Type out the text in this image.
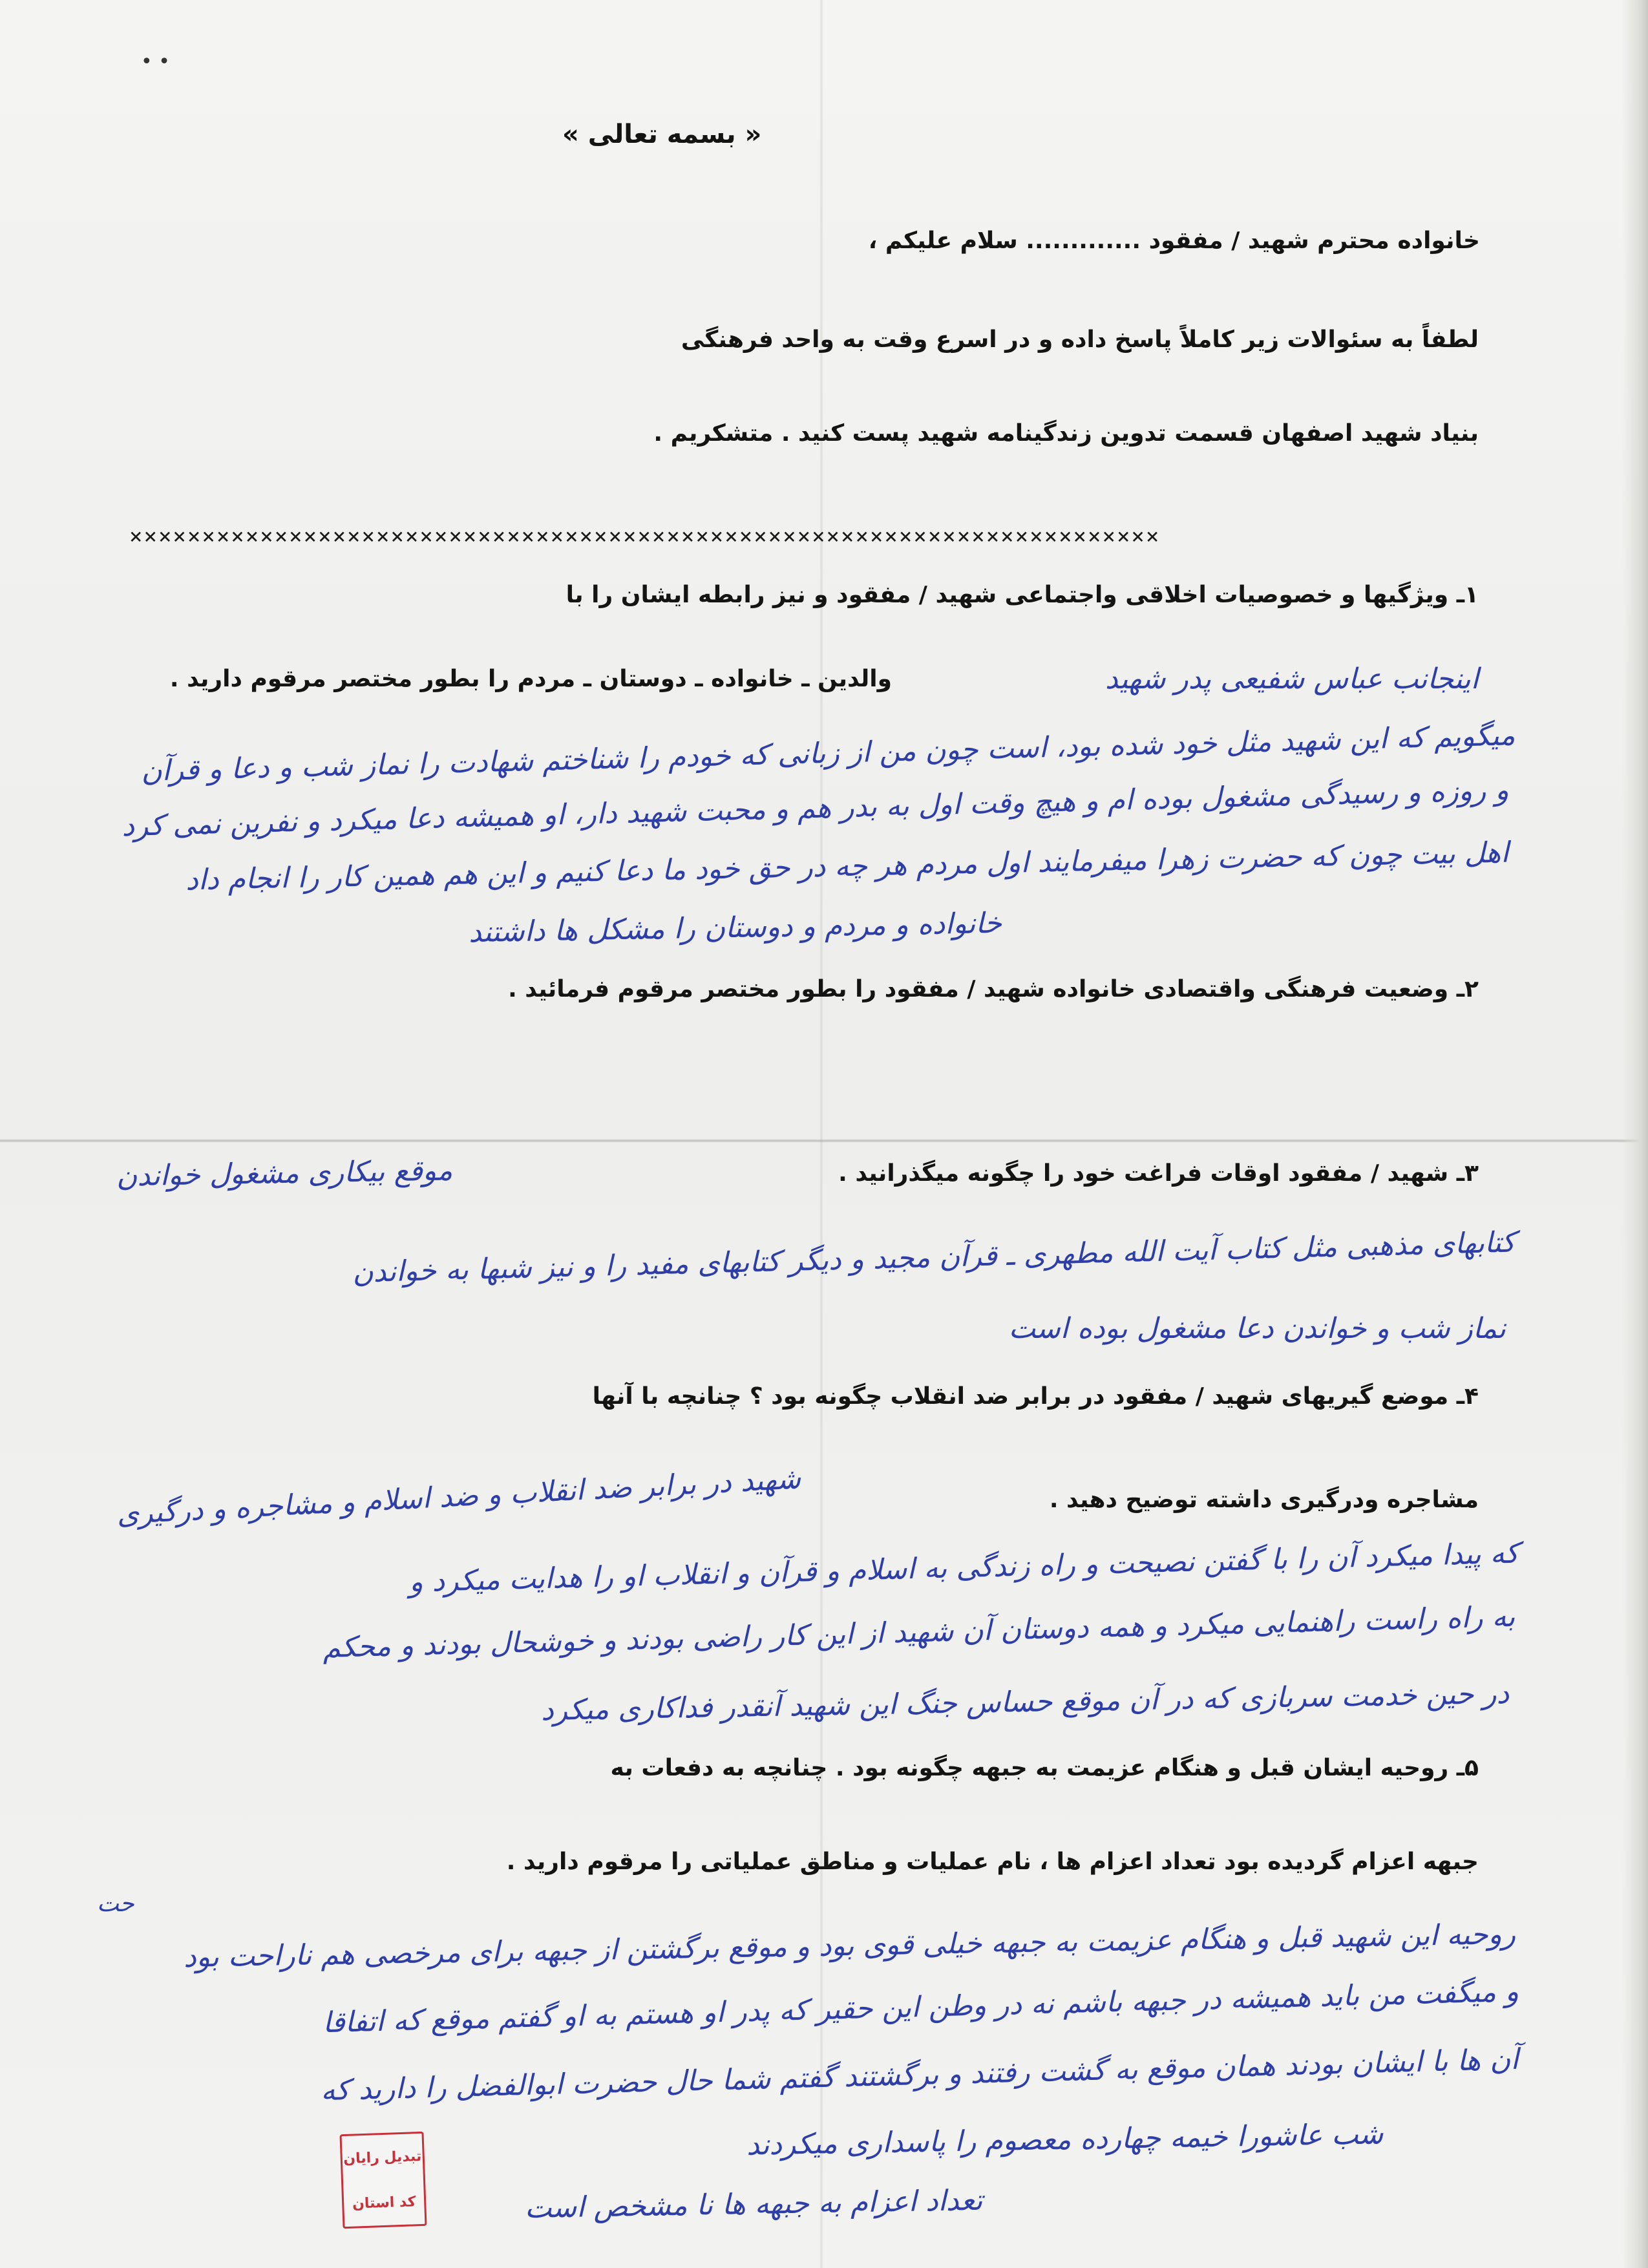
• •
« بسمه تعالی »
خانواده محترم شهید / مفقود ............. سلام علیکم ،
لطفاً به سئوالات زیر کاملاً پاسخ داده و در اسرع وقت به واحد فرهنگی
بنیاد شهید اصفهان قسمت تدوین زندگینامه شهید پست کنید . متشکریم .
×××××××××××××××××××××××××××××××××××××××××××××××××××××××××××××××××××××××
۱ـ ویژگیها و خصوصیات اخلاقی واجتماعی شهید / مفقود و نیز رابطه ایشان را با
والدین ـ خانواده ـ دوستان ـ مردم را بطور مختصر مرقوم دارید .	اینجانب عباس شفیعی پدر شهید
میگویم که این شهید مثل خود شده بود، است چون من از زبانی که خودم را شناختم شهادت را نماز شب و دعا و قرآن
و روزه و رسیدگی مشغول بوده ام و هیچ وقت اول به بدر هم و محبت شهید دار، او همیشه دعا میکرد و نفرین نمی کرد
اهل بیت چون که حضرت زهرا میفرمایند اول مردم هر چه در حق خود ما دعا کنیم و این هم همین کار را انجام داد
خانواده و مردم و دوستان را مشکل ها داشتند
۲ـ وضعیت فرهنگی واقتصادی خانواده شهید / مفقود را بطور مختصر مرقوم فرمائید .
۳ـ شهید / مفقود اوقات فراغت خود را چگونه میگذرانید .
موقع بیکاری مشغول خواندن
کتابهای مذهبی مثل کتاب آیت الله مطهری ـ قرآن مجید و دیگر کتابهای مفید را و نیز شبها به خواندن
نماز شب و خواندن دعا مشغول بوده است
۴ـ موضع گیریهای شهید / مفقود در برابر ضد انقلاب چگونه بود ؟ چنانچه با آنها
مشاجره ودرگیری داشته توضیح دهید .
شهید در برابر ضد انقلاب و ضد اسلام و مشاجره و درگیری
که پیدا میکرد آن را با گفتن نصیحت و راه زندگی به اسلام و قرآن و انقلاب او را هدایت میکرد و
به راه راست راهنمایی میکرد و همه دوستان آن شهید از این کار راضی بودند و خوشحال بودند و محکم
در حین خدمت سربازی که در آن موقع حساس جنگ این شهید آنقدر فداکاری میکرد
۵ـ روحیه ایشان قبل و هنگام عزیمت به جبهه چگونه بود . چنانچه به دفعات به
جبهه اعزام گردیده بود تعداد اعزام ها ، نام عملیات و مناطق عملیاتی را مرقوم دارید .
حت
روحیه این شهید قبل و هنگام عزیمت به جبهه خیلی قوی بود و موقع برگشتن از جبهه برای مرخصی هم ناراحت بود
و میگفت من باید همیشه در جبهه باشم نه در وطن این حقیر که پدر او هستم به او گفتم موقع که اتفاقا
آن ها با ایشان بودند همان موقع به گشت رفتند و برگشتند گفتم شما حال حضرت ابوالفضل را دارید که
شب عاشورا خیمه چهارده معصوم را پاسداری میکردند
تعداد اعزام به جبهه ها نا مشخص است
تبدیل رایان
کد استان
